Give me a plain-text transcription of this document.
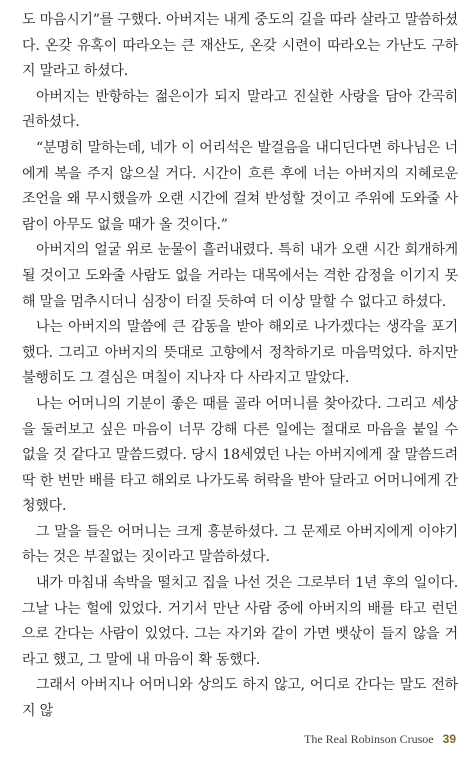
도 마음시기”를 구했다. 아버지는 내게 중도의 길을 따라 살라고 말씀하셨다. 온갖 유혹이 따라오는 큰 재산도, 온갖 시련이 따라오는 가난도 구하지 말라고 하셨다.

아버지는 반항하는 젊은이가 되지 말라고 진실한 사랑을 담아 간곡히 권하셨다.

“분명히 말하는데, 네가 이 어리석은 발걸음을 내디딘다면 하나님은 너에게 복을 주지 않으실 거다. 시간이 흐른 후에 너는 아버지의 지혜로운 조언을 왜 무시했을까 오랜 시간에 걸쳐 반성할 것이고 주위에 도와줄 사람이 아무도 없을 때가 올 것이다.”

아버지의 얼굴 위로 눈물이 흘러내렸다. 특히 내가 오랜 시간 회개하게 될 것이고 도와줄 사람도 없을 거라는 대목에서는 격한 감정을 이기지 못해 말을 멈추시더니 심장이 터질 듯하여 더 이상 말할 수 없다고 하셨다.

나는 아버지의 말씀에 큰 감동을 받아 해외로 나가겠다는 생각을 포기했다. 그리고 아버지의 뜻대로 고향에서 정착하기로 마음먹었다. 하지만 불행히도 그 결심은 며칠이 지나자 다 사라지고 말았다.

나는 어머니의 기분이 좋은 때를 골라 어머니를 찾아갔다. 그리고 세상을 둘러보고 싶은 마음이 너무 강해 다른 일에는 절대로 마음을 붙일 수 없을 것 같다고 말씀드렸다. 당시 18세였던 나는 아버지에게 잘 말씀드려 딱 한 번만 배를 타고 해외로 나가도록 허락을 받아 달라고 어머니에게 간청했다.

그 말을 들은 어머니는 크게 흥분하셨다. 그 문제로 아버지에게 이야기하는 것은 부질없는 짓이라고 말씀하셨다.

내가 마침내 속박을 떨치고 집을 나선 것은 그로부터 1년 후의 일이다. 그날 나는 헐에 있었다. 거기서 만난 사람 중에 아버지의 배를 타고 런던으로 간다는 사람이 있었다. 그는 자기와 같이 가면 뱃삯이 들지 않을 거라고 했고, 그 말에 내 마음이 확 동했다.

그래서 아버지나 어머니와 상의도 하지 않고, 어디로 간다는 말도 전하지 않

The Real Robinson Crusoe 39
